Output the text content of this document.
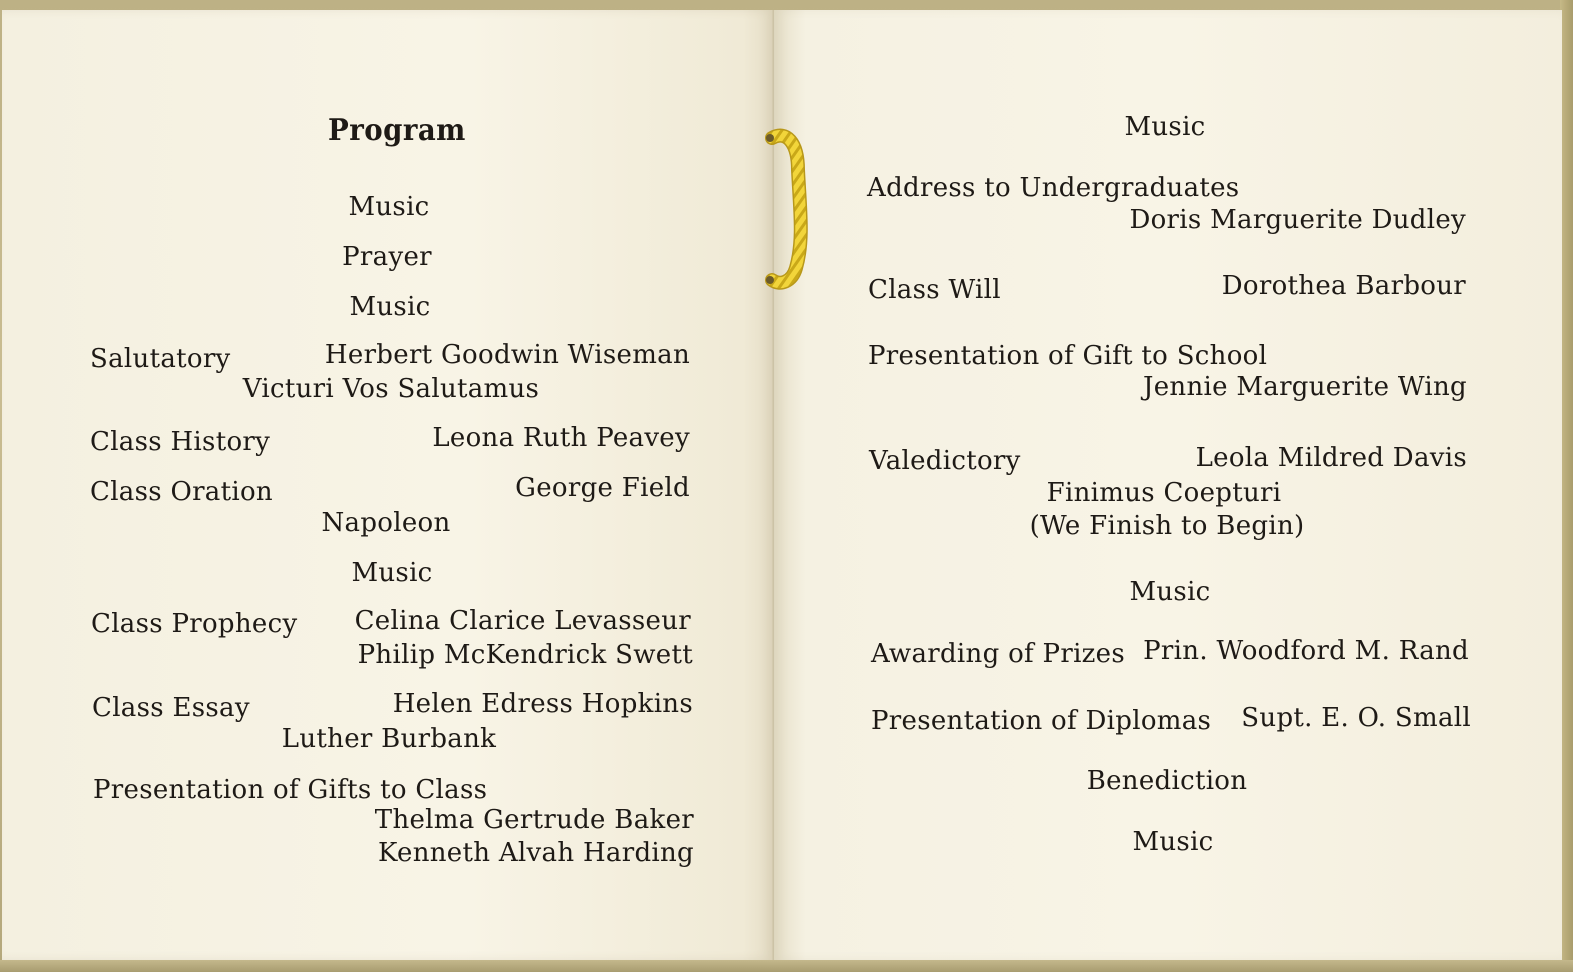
Program
Music
Prayer
Music
Salutatory	Herbert Goodwin Wiseman
Victuri Vos Salutamus
Class History	Leona Ruth Peavey
Class Oration	George Field
Napoleon
Music
Class Prophecy Celina Clarice Levasseur
Philip McKendrick Swett
Class Essay	Helen Edress Hopkins
Luther Burbank
Presentation of Gifts to Class
Thelma Gertrude Baker
Kenneth Alvah Harding
Music
Address to Undergraduates
Doris Marguerite Dudley
Class Will	Dorothea Barbour
Presentation of Gift to School
Jennie Marguerite Wing
Valedictory	Leola Mildred Davis
Finimus Coepturi
(We Finish to Begin)
Music
Awarding of Prizes Prin. Woodford M. Rand
Presentation of Diplomas Supt. E. O. Small
Benediction
Music
